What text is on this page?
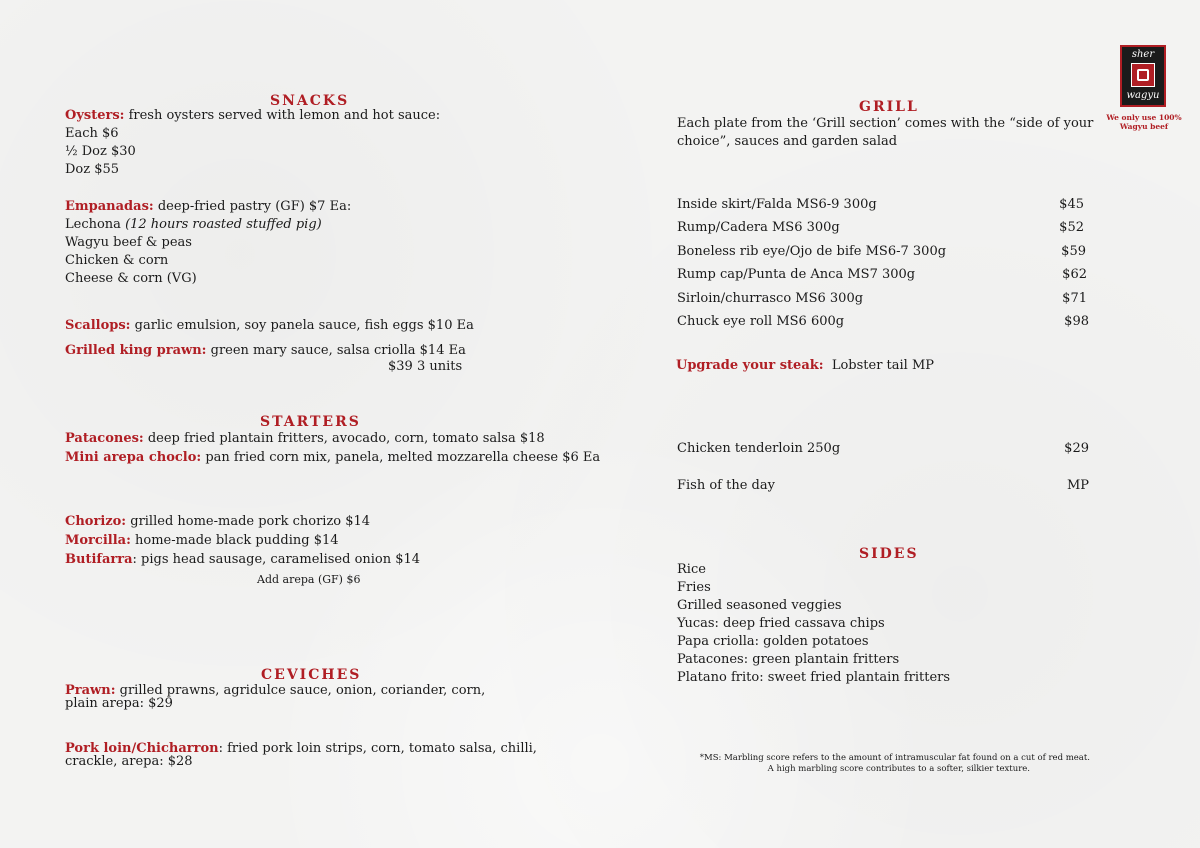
SNACKS
Oysters: fresh oysters served with lemon and hot sauce:
Each $6
½ Doz $30
Doz $55
Empanadas: deep-fried pastry (GF) $7 Ea:
Lechona (12 hours roasted stuffed pig)
Wagyu beef & peas
Chicken & corn
Cheese & corn (VG)
Scallops: garlic emulsion, soy panela sauce, fish eggs $10 Ea
Grilled king prawn: green mary sauce, salsa criolla $14 Ea
$39 3 units
STARTERS
Patacones: deep fried plantain fritters, avocado, corn, tomato salsa $18
Mini arepa choclo: pan fried corn mix, panela, melted mozzarella cheese $6 Ea
Chorizo: grilled home-made pork chorizo $14
Morcilla: home-made black pudding $14
Butifarra: pigs head sausage, caramelised onion $14
Add arepa (GF) $6
CEVICHES
Prawn: grilled prawns, agridulce sauce, onion, coriander, corn,
plain arepa: $29
Pork loin/Chicharron: fried pork loin strips, corn, tomato salsa, chilli,
crackle, arepa: $28
sher
wagyu
We only use 100% Wagyu beef
GRILL
Each plate from the ‘Grill section’ comes with the “side of your
choice”, sauces and garden salad
Inside skirt/Falda MS6-9 300g	$45
Rump/Cadera MS6 300g	$52
Boneless rib eye/Ojo de bife MS6-7 300g	$59
Rump cap/Punta de Anca MS7 300g	$62
Sirloin/churrasco MS6 300g	$71
Chuck eye roll MS6 600g	$98
Upgrade your steak: Lobster tail MP
Chicken tenderloin 250g	$29
Fish of the day	MP
SIDES
Rice
Fries
Grilled seasoned veggies
Yucas: deep fried cassava chips
Papa criolla: golden potatoes
Patacones: green plantain fritters
Platano frito: sweet fried plantain fritters
*MS: Marbling score refers to the amount of intramuscular fat found on a cut of red meat.
A high marbling score contributes to a softer, silkier texture.
